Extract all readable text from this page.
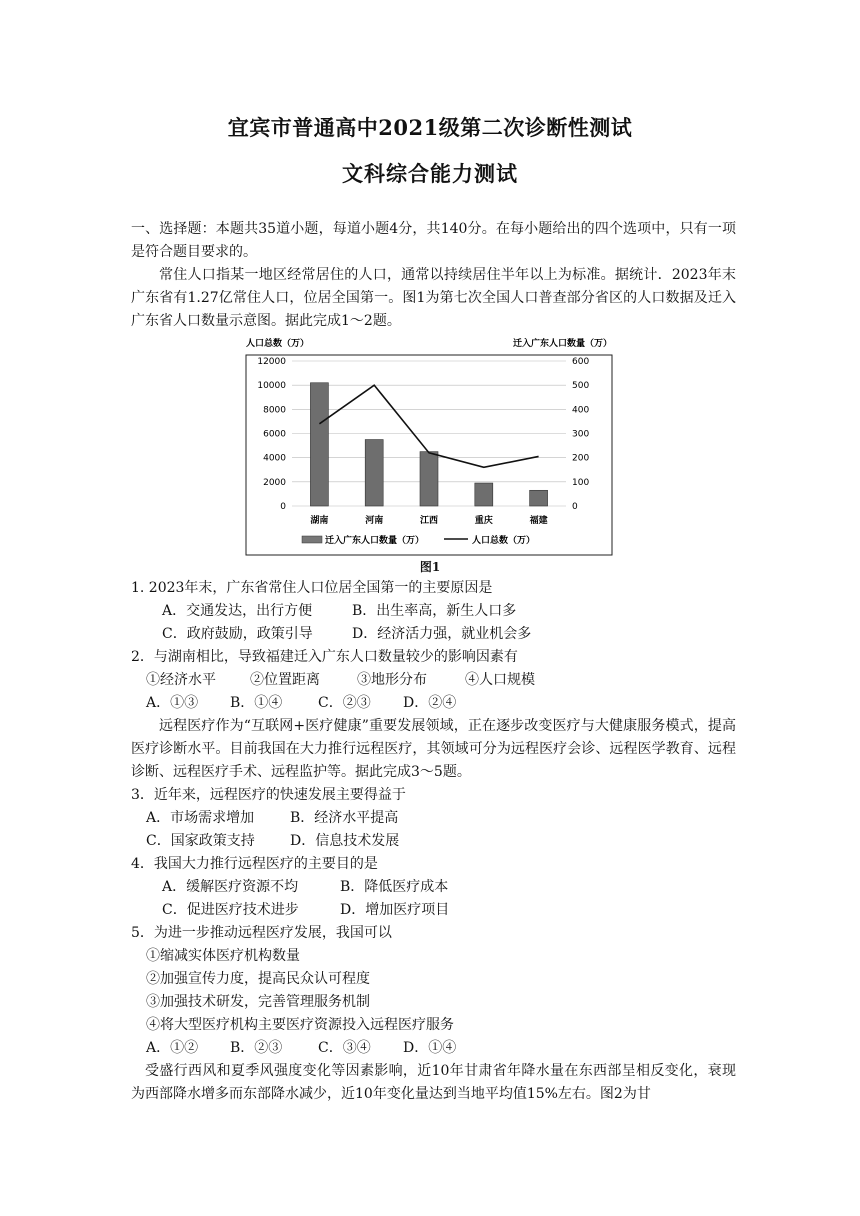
宜宾市普通高中2021级第二次诊断性测试
文科综合能力测试
一、选择题：本题共35道小题，每道小题4分，共140分。在每小题给出的四个选项中，只有一项是符合题目要求的。
常住人口指某一地区经常居住的人口，通常以持续居住半年以上为标准。据统计．2023年末广东省有1.27亿常住人口，位居全国第一。图1为第七次全国人口普查部分省区的人口数据及迁入广东省人口数量示意图。据此完成1～2题。
人口总数（万）	迁入广东人口数量（万）
0
2000
4000
6000
8000
10000
12000
0
100
200
300
400
500
600
湖南	河南	江西	重庆	福建
迁入广东人口数量（万）	人口总数（万）
图1
1. 2023年末，广东省常住人口位居全国第一的主要原因是
A．交通发达，出行方便	B．出生率高，新生人口多
C．政府鼓励，政策引导	D．经济活力强，就业机会多
2．与湖南相比，导致福建迁入广东人口数量较少的影响因素有
①经济水平 ②位置距离	③地形分布	④人口规模
A．①③ B．①④	C．②③ D．②④
远程医疗作为“互联网+医疗健康”重要发展领域，正在逐步改变医疗与大健康服务模式，提高医疗诊断水平。目前我国在大力推行远程医疗，其领域可分为远程医疗会诊、远程医学教育、远程诊断、远程医疗手术、远程监护等。据此完成3～5题。
3．近年来，远程医疗的快速发展主要得益于
A．市场需求增加	B．经济水平提高
C．国家政策支持	D．信息技术发展
4．我国大力推行远程医疗的主要目的是
A．缓解医疗资源不均	B．降低医疗成本
C．促进医疗技术进步	D．增加医疗项目
5．为进一步推动远程医疗发展，我国可以
①缩减实体医疗机构数量
②加强宣传力度，提高民众认可程度
③加强技术研发，完善管理服务机制
④将大型医疗机构主要医疗资源投入远程医疗服务
A．①② B．②③	C．③④ D．①④
受盛行西风和夏季风强度变化等因素影响，近10年甘肃省年降水量在东西部呈相反变化，衰现为西部降水增多而东部降水减少，近10年变化量达到当地平均值15%左右。图2为甘
